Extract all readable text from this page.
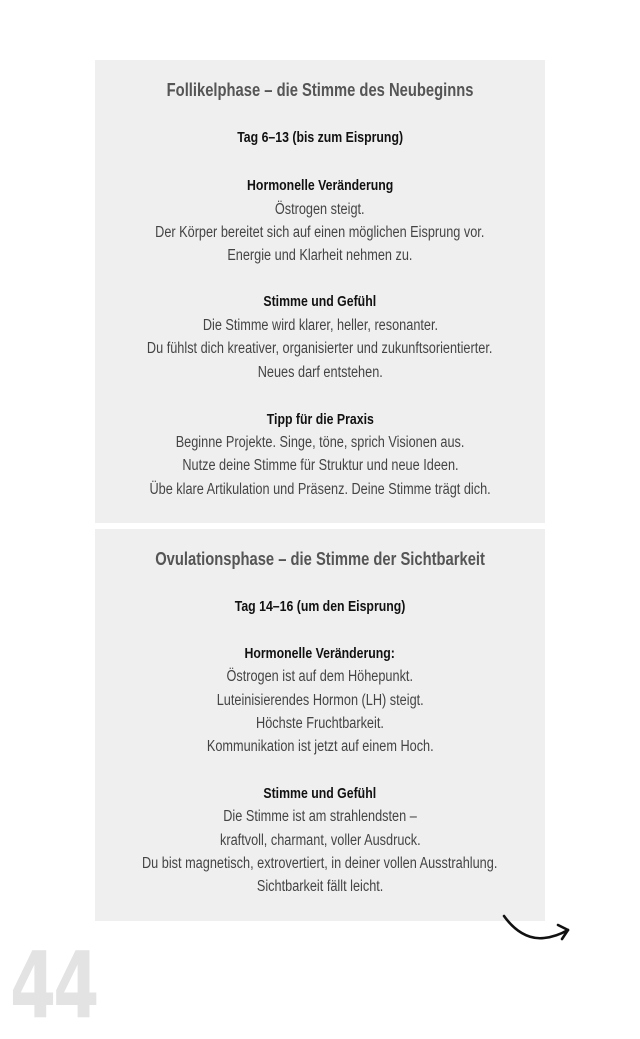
Follikelphase – die Stimme des Neubeginns
Tag 6–13 (bis zum Eisprung)
Hormonelle Veränderung
Östrogen steigt.
Der Körper bereitet sich auf einen möglichen Eisprung vor.
Energie und Klarheit nehmen zu.
Stimme und Gefühl
Die Stimme wird klarer, heller, resonanter.
Du fühlst dich kreativer, organisierter und zukunftsorientierter.
Neues darf entstehen.
Tipp für die Praxis
Beginne Projekte. Singe, töne, sprich Visionen aus.
Nutze deine Stimme für Struktur und neue Ideen.
Übe klare Artikulation und Präsenz. Deine Stimme trägt dich.
Ovulationsphase – die Stimme der Sichtbarkeit
Tag 14–16 (um den Eisprung)
Hormonelle Veränderung:
Östrogen ist auf dem Höhepunkt.
Luteinisierendes Hormon (LH) steigt.
Höchste Fruchtbarkeit.
Kommunikation ist jetzt auf einem Hoch.
Stimme und Gefühl
Die Stimme ist am strahlendsten –
kraftvoll, charmant, voller Ausdruck.
Du bist magnetisch, extrovertiert, in deiner vollen Ausstrahlung.
Sichtbarkeit fällt leicht.
44
